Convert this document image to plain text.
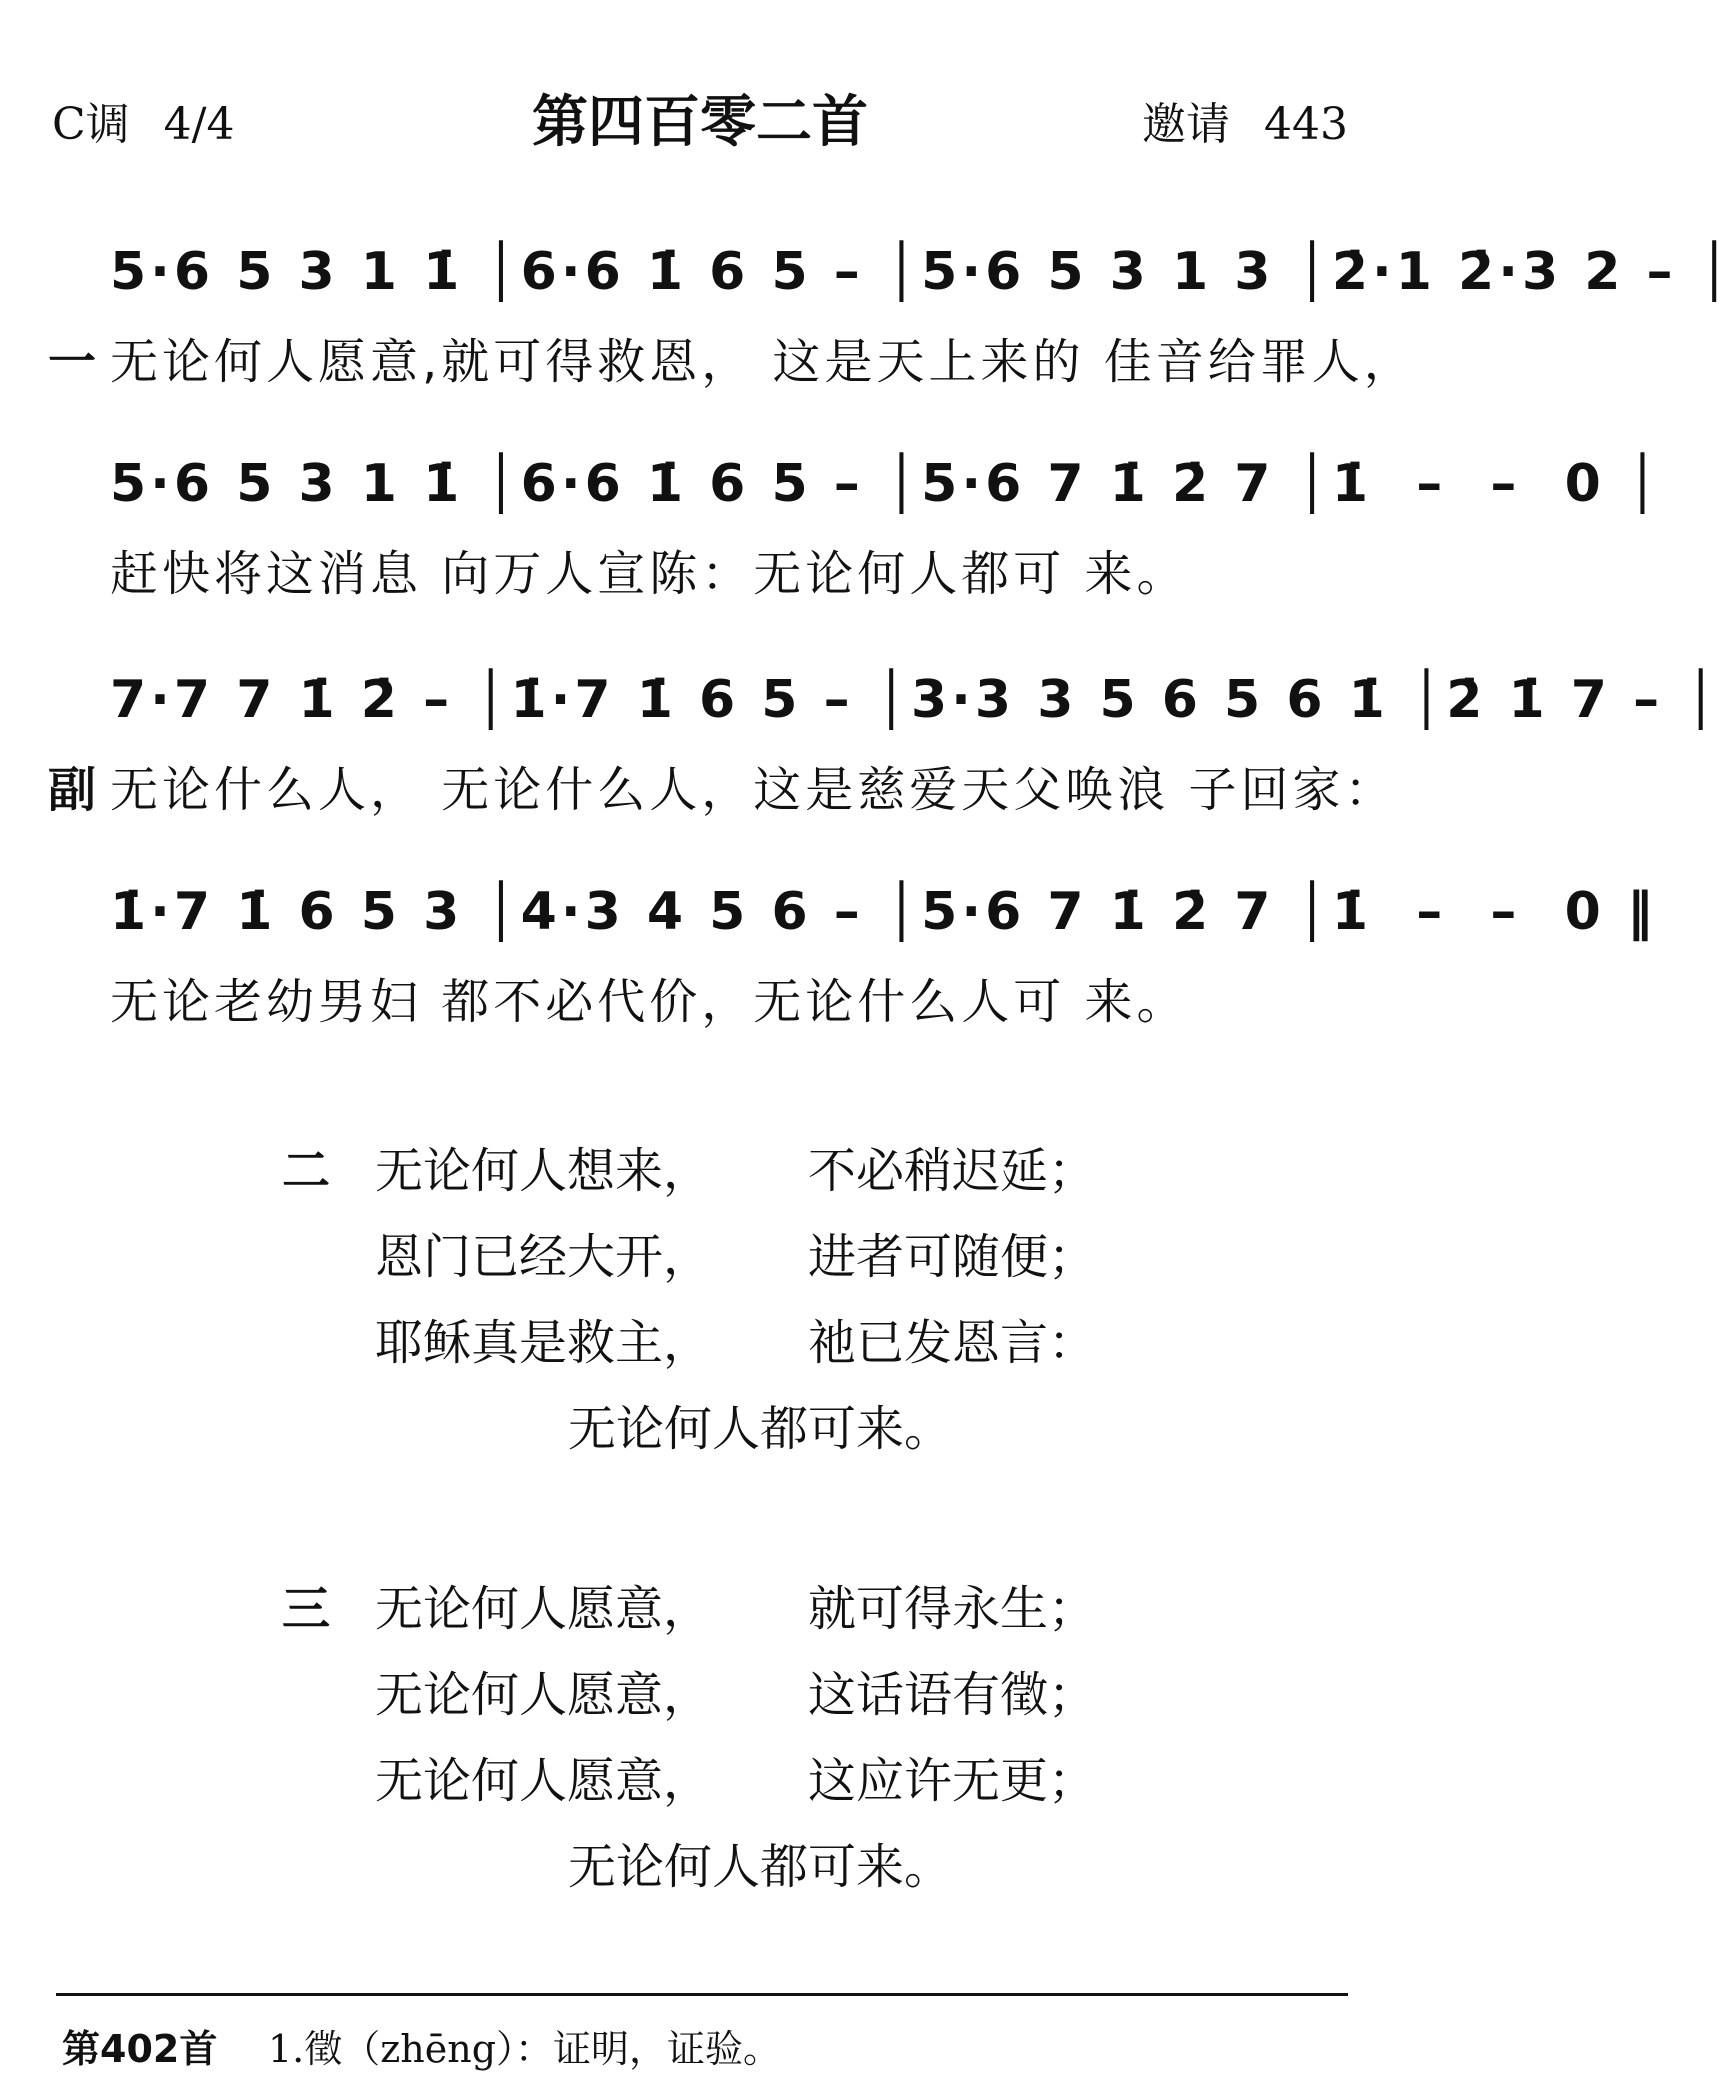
C调 4/4	第四百零二首	邀请 443
5·6 5 3 1 1̇ │6·6 1̇ 6 5 – │5·6 5 3 1 3 │2̇·1 2̇·3 2 – │
一 无论何人愿意,就可得救恩， 这是天上来的 佳音给罪人，
5·6 5 3 1 1̇ │6·6 1̇ 6 5 – │5·6 7 1̇ 2̇ 7 │1̇  –  –  0 │
赶快将这消息 向万人宣陈：无论何人都可 来。
7·7 7 1̇ 2̇ – │1̇·7 1̇ 6 5 – │3·3 3 5 6 5 6 1̇ │2̇ 1̇ 7 – │
副 无论什么人， 无论什么人，这是慈爱天父唤浪 子回家：
1̇·7 1̇ 6 5 3 │4·3 4 5 6 – │5·6 7 1̇ 2̇ 7 │1̇  –  –  0 ‖
无论老幼男妇 都不必代价，无论什么人可 来。
二 无论何人想来， 不必稍迟延；
恩门已经大开， 进者可随便；
耶稣真是救主， 祂已发恩言：
无论何人都可来。
三 无论何人愿意， 就可得永生；
无论何人愿意， 这话语有徵；
无论何人愿意， 这应许无更；
无论何人都可来。
第402首 1.徵（zhēng）：证明，证验。
